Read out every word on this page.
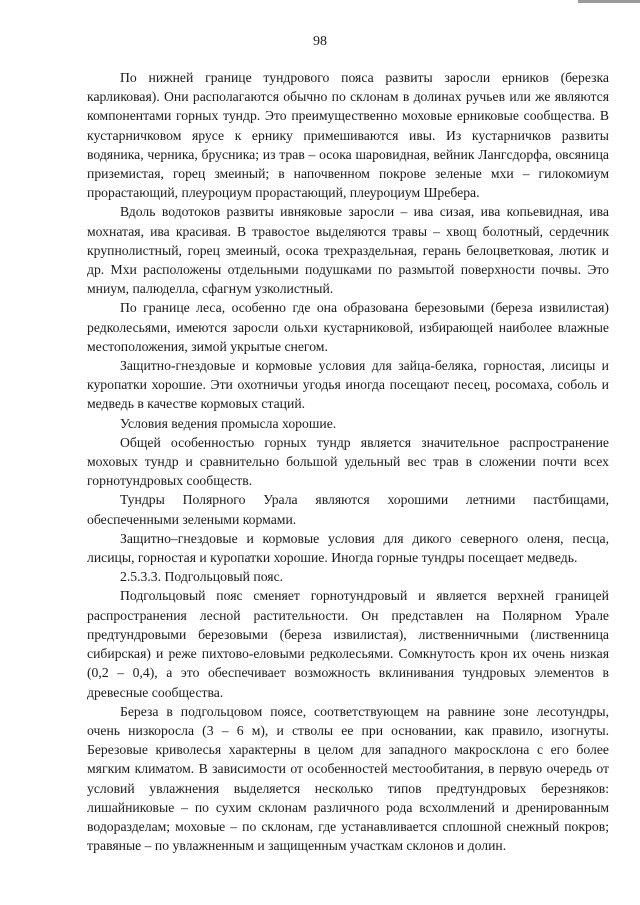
98

По нижней границе тундрового пояса развиты заросли ерников (березка карликовая). Они располагаются обычно по склонам в долинах ручьев или же являются компонентами горных тундр. Это преимущественно моховые ерниковые сообщества. В кустарничковом ярусе к ернику примешиваются ивы. Из кустарничков развиты водяника, черника, брусника; из трав – осока шаровидная, вейник Лангсдорфа, овсяница приземистая, горец змеиный; в напочвенном покрове зеленые мхи – гилокомиум прорастающий, плеуроциум прорастающий, плеуроциум Шребера.

Вдоль водотоков развиты ивняковые заросли – ива сизая, ива копьевидная, ива мохнатая, ива красивая. В травостое выделяются травы – хвощ болотный, сердечник крупнолистный, горец змеиный, осока трехраздельная, герань белоцветковая, лютик и др. Мхи расположены отдельными подушками по размытой поверхности почвы. Это мниум, палюделла, сфагнум узколистный.

По границе леса, особенно где она образована березовыми (береза извилистая) редколесьями, имеются заросли ольхи кустарниковой, избирающей наиболее влажные местоположения, зимой укрытые снегом.

Защитно-гнездовые и кормовые условия для зайца-беляка, горностая, лисицы и куропатки хорошие. Эти охотничьи угодья иногда посещают песец, росомаха, соболь и медведь в качестве кормовых стаций.

Условия ведения промысла хорошие.

Общей особенностью горных тундр является значительное распространение моховых тундр и сравнительно большой удельный вес трав в сложении почти всех горнотундровых сообществ.

Тундры Полярного Урала являются хорошими летними пастбищами, обеспеченными зелеными кормами.

Защитно–гнездовые и кормовые условия для дикого северного оленя, песца, лисицы, горностая и куропатки хорошие. Иногда горные тундры посещает медведь.

2.5.3.3. Подгольцовый пояс.

Подгольцовый пояс сменяет горнотундровый и является верхней границей распространения лесной растительности. Он представлен на Полярном Урале предтундровыми березовыми (береза извилистая), лиственничными (лиственница сибирская) и реже пихтово-еловыми редколесьями. Сомкнутость крон их очень низкая (0,2 – 0,4), а это обеспечивает возможность вклинивания тундровых элементов в древесные сообщества.

Береза в подгольцовом поясе, соответствующем на равнине зоне лесотундры, очень низкоросла (3 – 6 м), и стволы ее при основании, как правило, изогнуты. Березовые криволесья характерны в целом для западного макросклона с его более мягким климатом. В зависимости от особенностей местообитания, в первую очередь от условий увлажнения выделяется несколько типов предтундровых березняков: лишайниковые – по сухим склонам различного рода всхолмлений и дренированным водоразделам; моховые – по склонам, где устанавливается сплошной снежный покров; травяные – по увлажненным и защищенным участкам склонов и долин.
